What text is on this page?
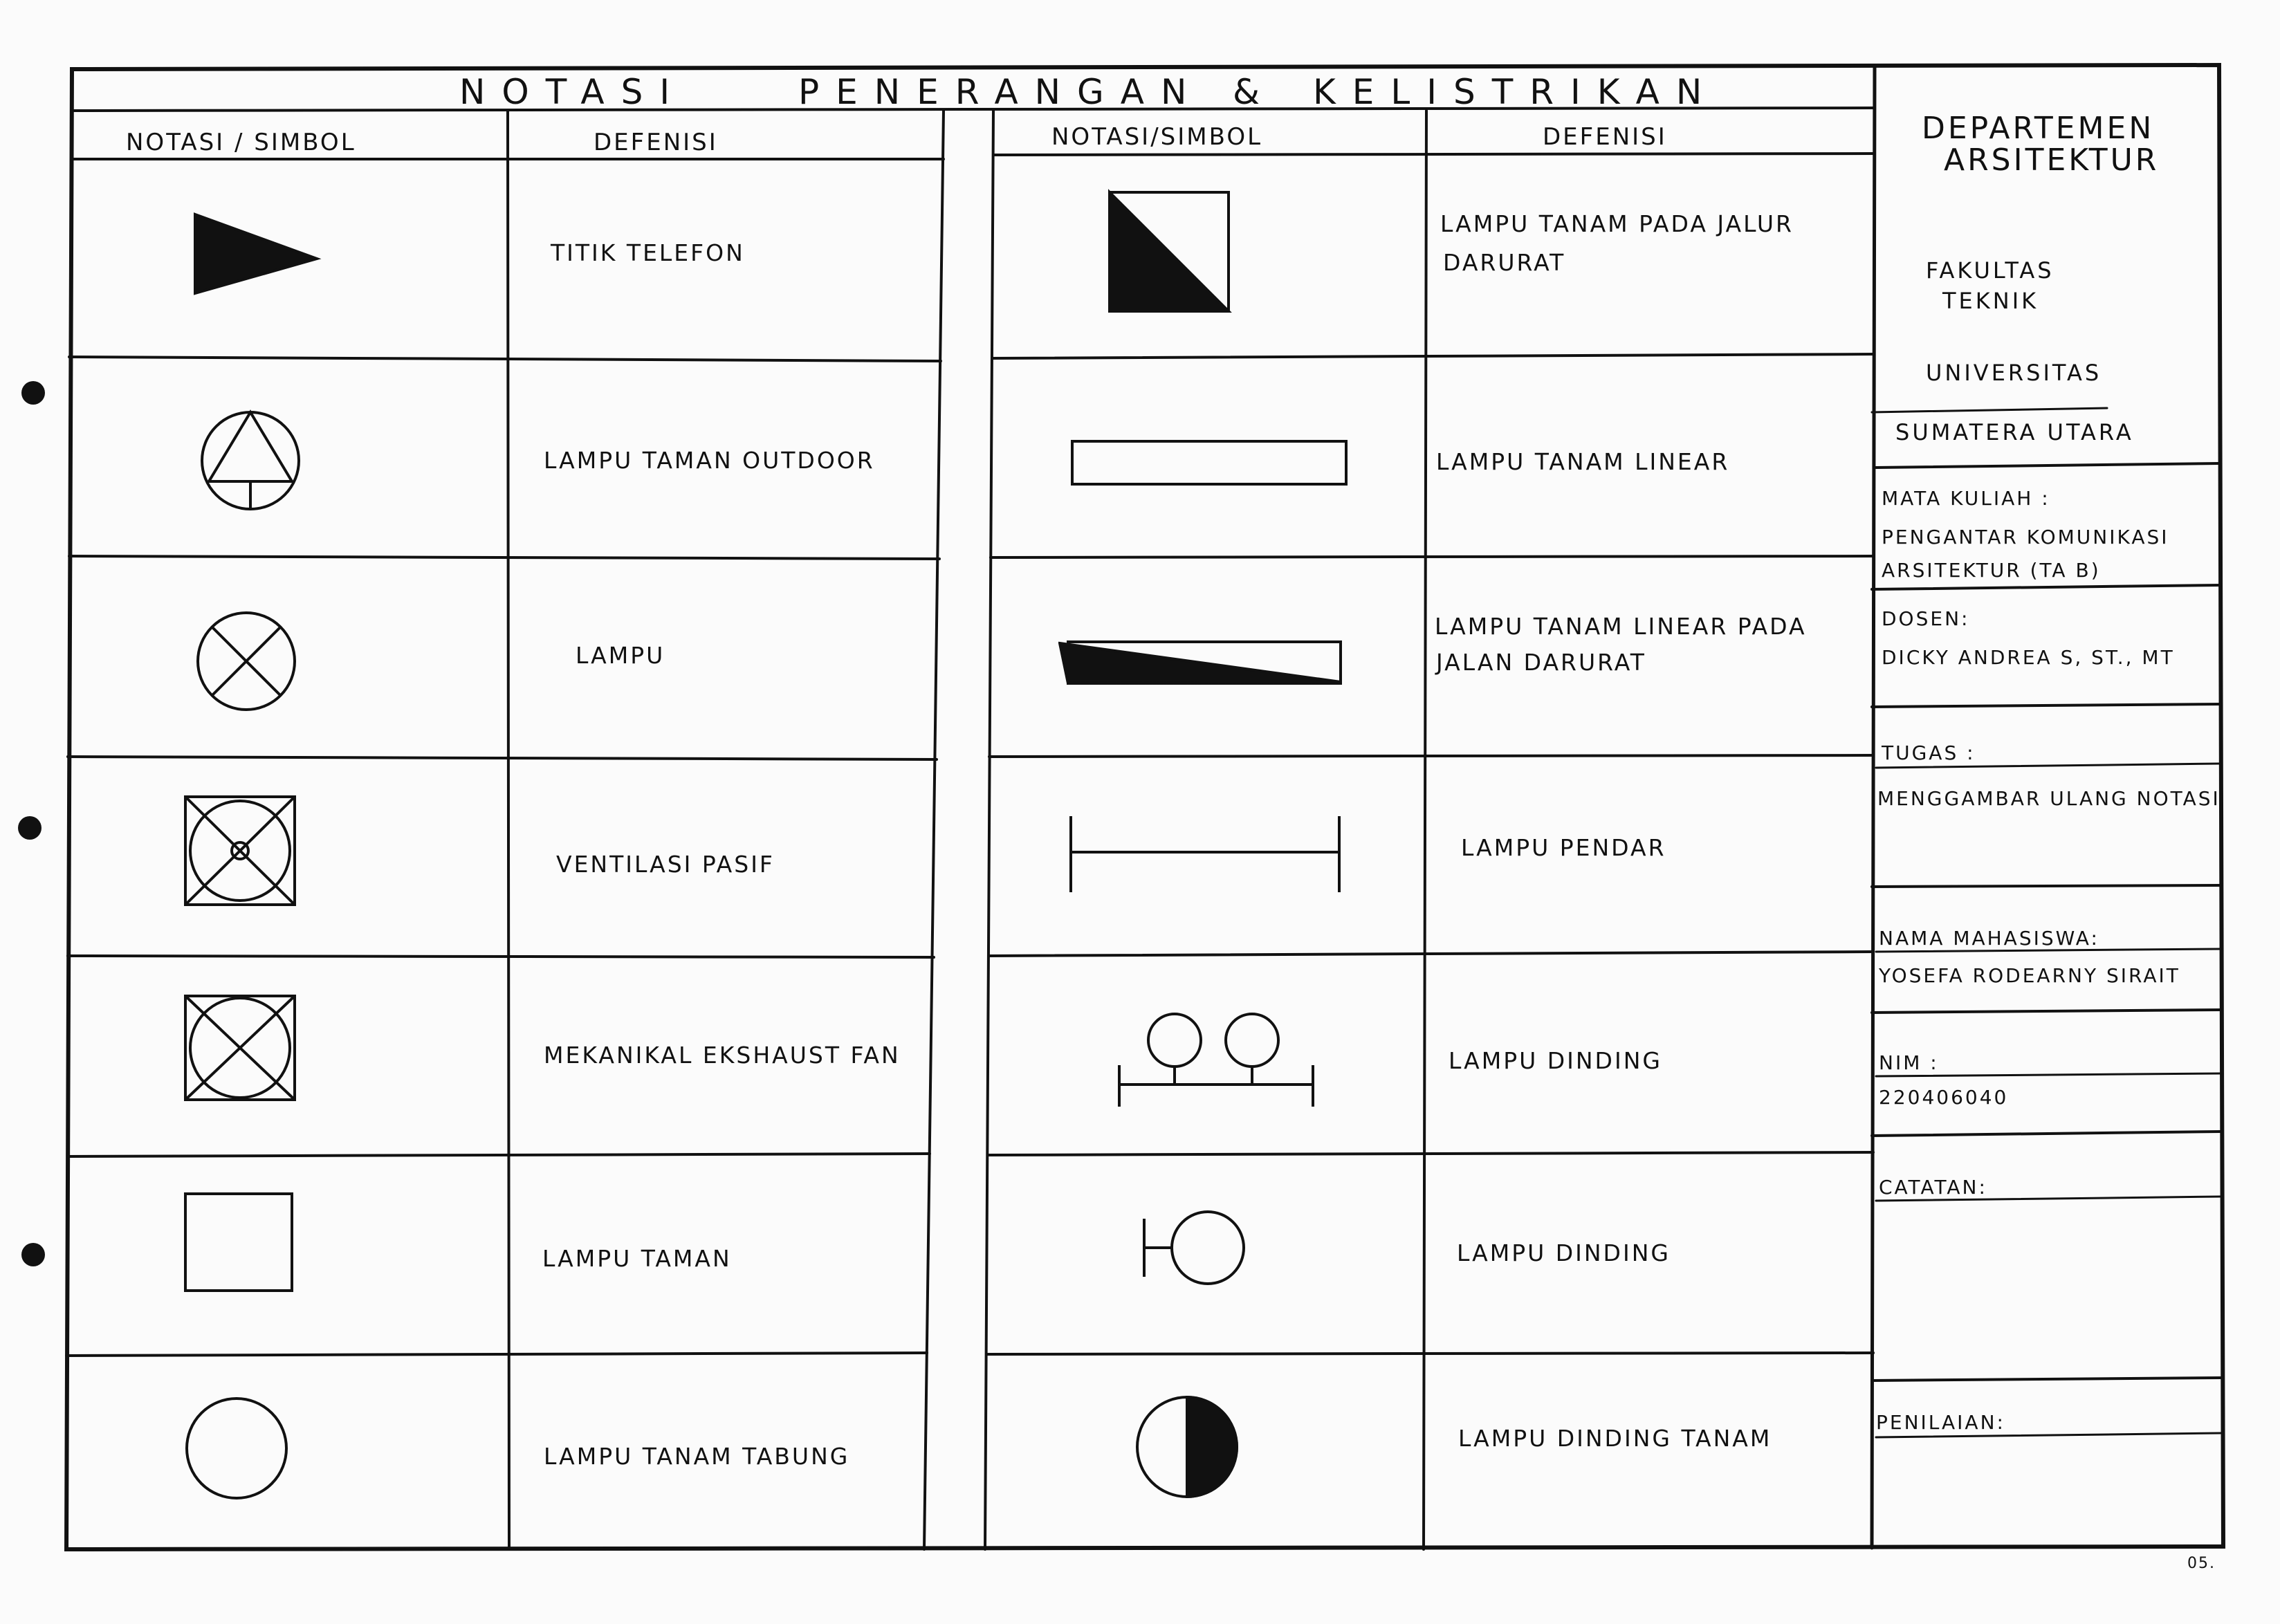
NOTASI	PENERANGAN & KELISTRIKAN
NOTASI / SIMBOL	DEFENISI	NOTASI/SIMBOL	DEFENISI
TITIK TELEFON
LAMPU TAMAN OUTDOOR
LAMPU
VENTILASI PASIF
MEKANIKAL EKSHAUST FAN
LAMPU TAMAN
LAMPU TANAM TABUNG
LAMPU TANAM PADA JALUR
DARURAT
LAMPU TANAM LINEAR
LAMPU TANAM LINEAR PADA
JALAN DARURAT
LAMPU PENDAR
LAMPU DINDING
LAMPU DINDING
LAMPU DINDING TANAM
DEPARTEMEN
ARSITEKTUR
FAKULTAS
TEKNIK
UNIVERSITAS
SUMATERA UTARA
MATA KULIAH :
PENGANTAR KOMUNIKASI
ARSITEKTUR (TA B)
DOSEN:
DICKY ANDREA S, ST., MT
TUGAS :
MENGGAMBAR ULANG NOTASI
NAMA MAHASISWA:
YOSEFA RODEARNY SIRAIT
NIM :
220406040
CATATAN:
PENILAIAN:
05.
